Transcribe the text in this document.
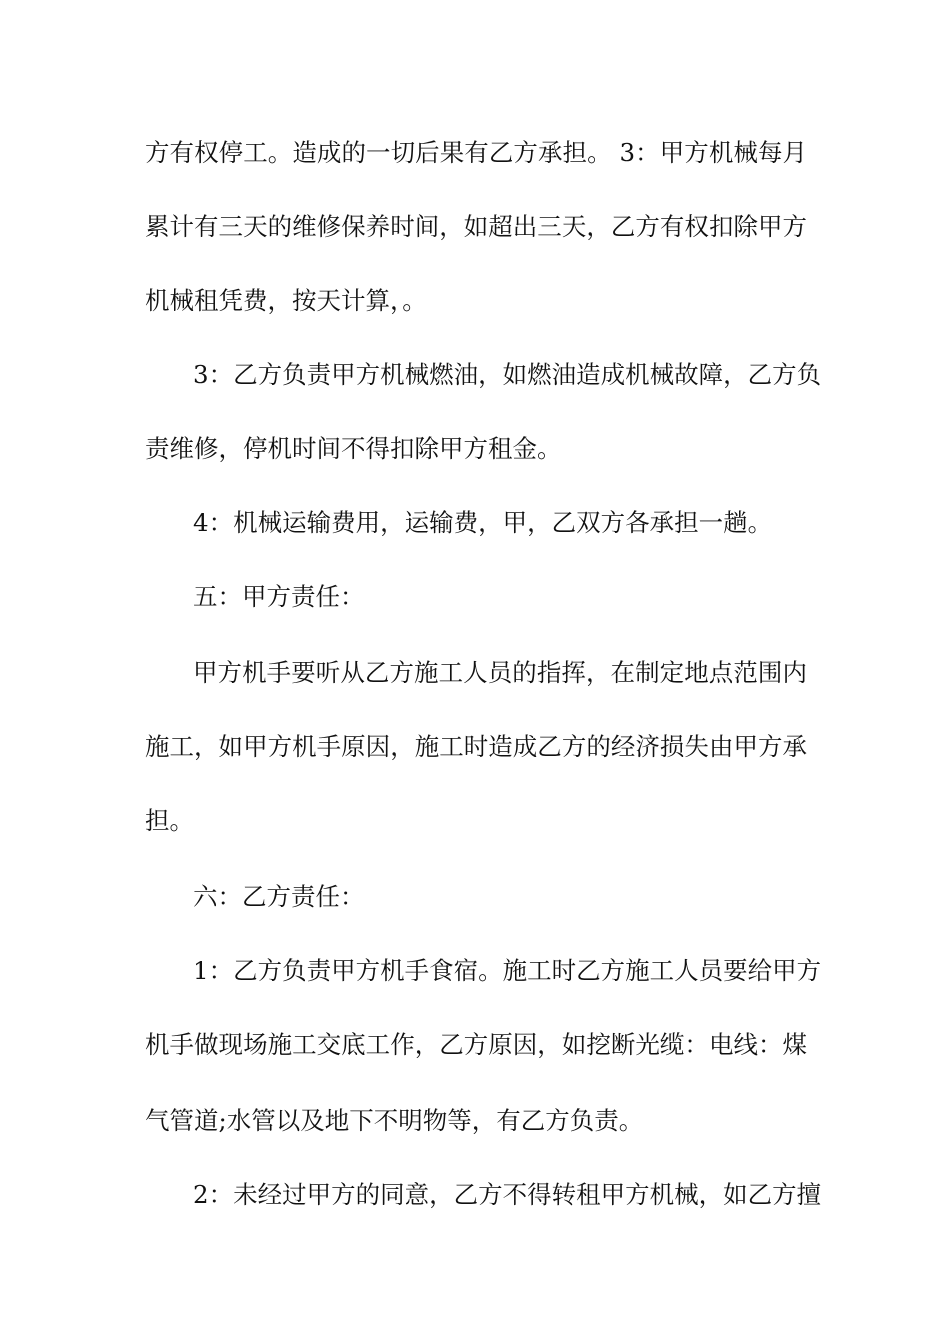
方有权停工。造成的一切后果有乙方承担。 3：甲方机械每月
累计有三天的维修保养时间，如超出三天，乙方有权扣除甲方
机械租凭费，按天计算，。
3：乙方负责甲方机械燃油，如燃油造成机械故障，乙方负
责维修，停机时间不得扣除甲方租金。
4：机械运输费用，运输费，甲，乙双方各承担一趟。
五：甲方责任：
甲方机手要听从乙方施工人员的指挥，在制定地点范围内
施工，如甲方机手原因，施工时造成乙方的经济损失由甲方承
担。
六：乙方责任：
1：乙方负责甲方机手食宿。施工时乙方施工人员要给甲方
机手做现场施工交底工作，乙方原因，如挖断光缆：电线：煤
气管道;水管以及地下不明物等，有乙方负责。
2：未经过甲方的同意，乙方不得转租甲方机械，如乙方擅
